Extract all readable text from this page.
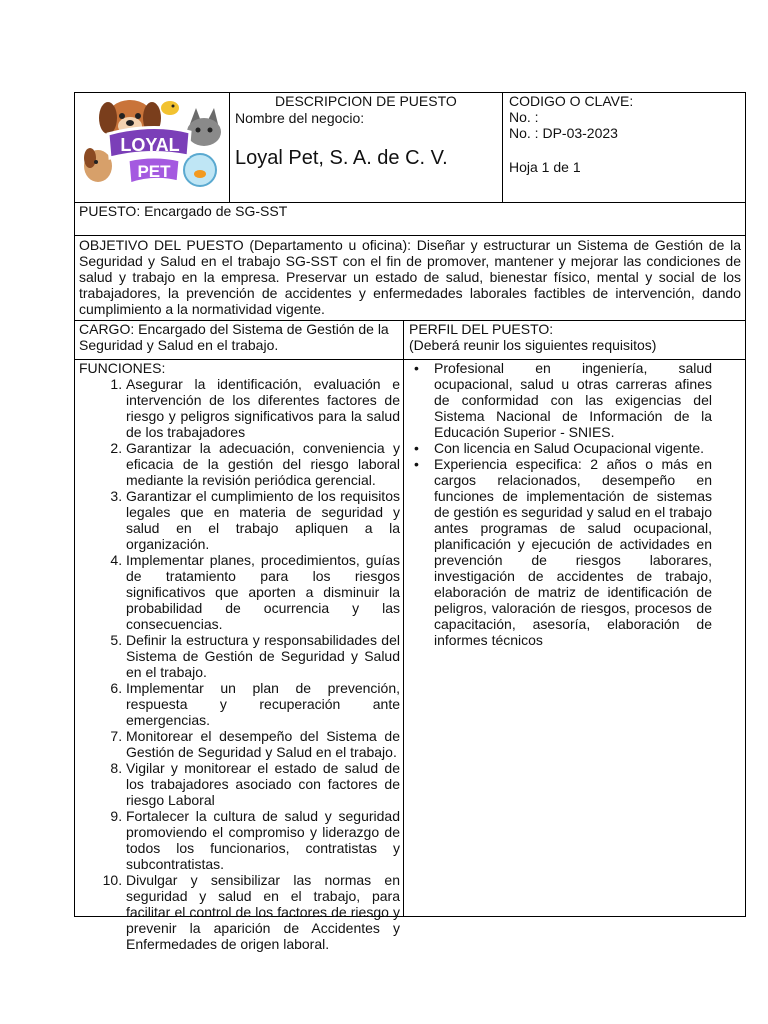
LOYAL
PET
DESCRIPCION DE PUESTO
Nombre del negocio:
Loyal Pet, S. A. de C. V.
CODIGO O CLAVE:
No. :
No. : DP-03-2023
Hoja 1 de 1
PUESTO: Encargado de SG-SST
OBJETIVO DEL PUESTO (Departamento u oficina): Diseñar y estructurar un Sistema de Gestión de la Seguridad y Salud en el trabajo SG-SST con el fin de promover, mantener y mejorar las condiciones de salud y trabajo en la empresa. Preservar un estado de salud, bienestar físico, mental y social de los trabajadores, la prevención de accidentes y enfermedades laborales factibles de intervención, dando cumplimiento a la normatividad vigente.
CARGO: Encargado del Sistema de Gestión de la Seguridad y Salud en el trabajo.
PERFIL DEL PUESTO:
(Deberá reunir los siguientes requisitos)
FUNCIONES:
1. Asegurar la identificación, evaluación e intervención de los diferentes factores de riesgo y peligros significativos para la salud de los trabajadores
2. Garantizar la adecuación, conveniencia y eficacia de la gestión del riesgo laboral mediante la revisión periódica gerencial.
3. Garantizar el cumplimiento de los requisitos legales que en materia de seguridad y salud en el trabajo apliquen a la organización.
4. Implementar planes, procedimientos, guías de tratamiento para los riesgos significativos que aporten a disminuir la probabilidad de ocurrencia y las consecuencias.
5. Definir la estructura y responsabilidades del Sistema de Gestión de Seguridad y Salud en el trabajo.
6. Implementar un plan de prevención, respuesta y recuperación ante emergencias.
7. Monitorear el desempeño del Sistema de Gestión de Seguridad y Salud en el trabajo.
8. Vigilar y monitorear el estado de salud de los trabajadores asociado con factores de riesgo Laboral
9. Fortalecer la cultura de salud y seguridad promoviendo el compromiso y liderazgo de todos los funcionarios, contratistas y subcontratistas.
10. Divulgar y sensibilizar las normas en seguridad y salud en el trabajo, para facilitar el control de los factores de riesgo y prevenir la aparición de Accidentes y Enfermedades de origen laboral.
• Profesional en ingeniería, salud ocupacional, salud u otras carreras afines de conformidad con las exigencias del Sistema Nacional de Información de la Educación Superior - SNIES.
• Con licencia en Salud Ocupacional vigente.
• Experiencia especifica: 2 años o más en cargos relacionados, desempeño en funciones de implementación de sistemas de gestión es seguridad y salud en el trabajo antes programas de salud ocupacional, planificación y ejecución de actividades en prevención de riesgos laborares, investigación de accidentes de trabajo, elaboración de matriz de identificación de peligros, valoración de riesgos, procesos de capacitación, asesoría, elaboración de informes técnicos
